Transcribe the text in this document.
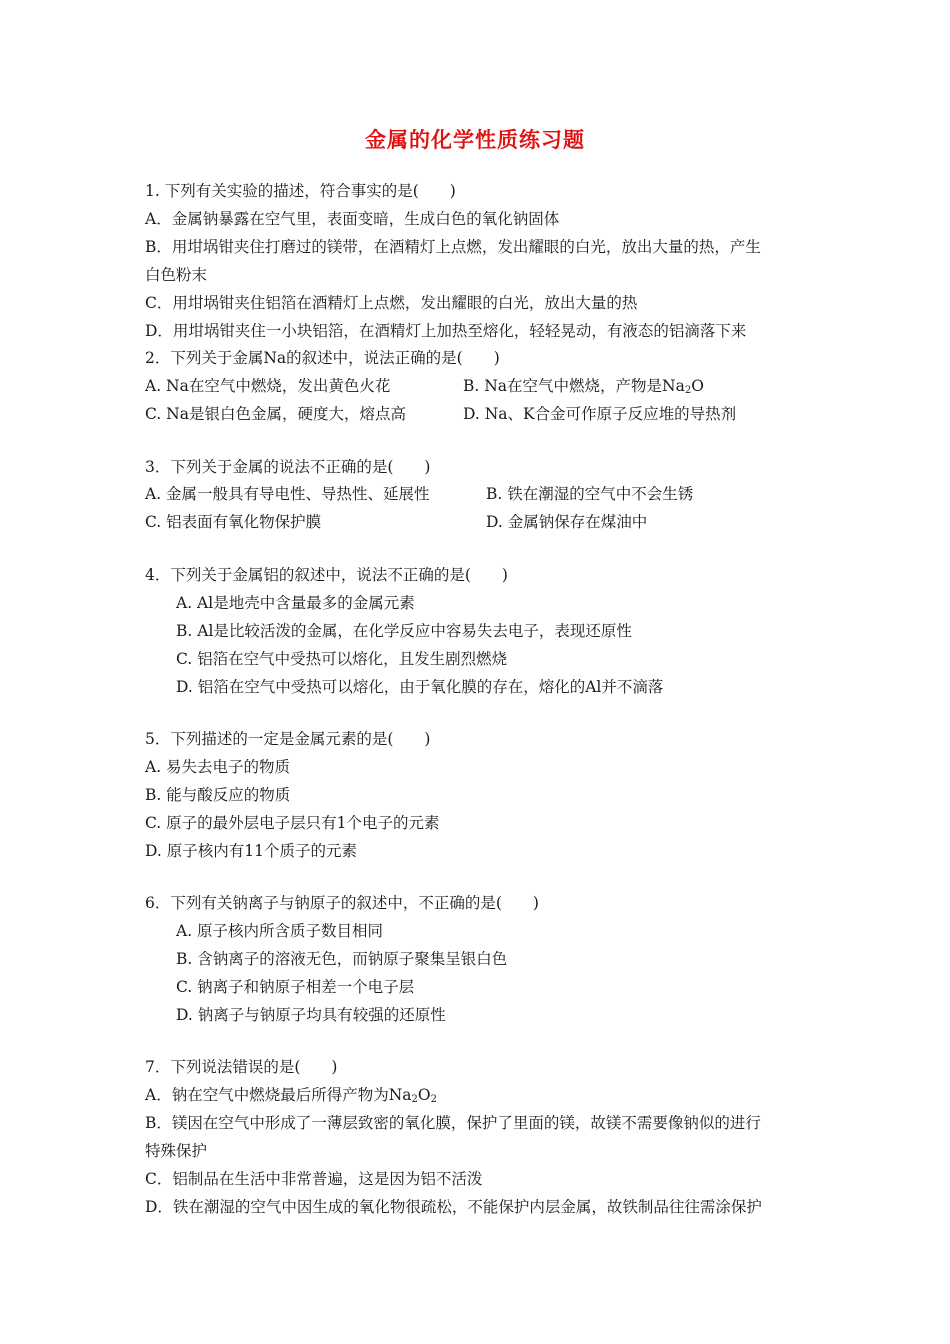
金属的化学性质练习题
1. 下列有关实验的描述，符合事实的是(　　)
A．金属钠暴露在空气里，表面变暗，生成白色的氧化钠固体
B．用坩埚钳夹住打磨过的镁带，在酒精灯上点燃，发出耀眼的白光，放出大量的热，产生
白色粉末
C．用坩埚钳夹住铝箔在酒精灯上点燃，发出耀眼的白光，放出大量的热
D．用坩埚钳夹住一小块铝箔，在酒精灯上加热至熔化，轻轻晃动，有液态的铝滴落下来
2．下列关于金属Na的叙述中，说法正确的是(　　)
A. Na在空气中燃烧，发出黄色火花	B. Na在空气中燃烧，产物是$Na_2O$
C. Na是银白色金属，硬度大，熔点高	D. Na、K合金可作原子反应堆的导热剂
3．下列关于金属的说法不正确的是(　　)
A. 金属一般具有导电性、导热性、延展性	B. 铁在潮湿的空气中不会生锈
C. 铝表面有氧化物保护膜	D. 金属钠保存在煤油中
4．下列关于金属铝的叙述中，说法不正确的是(　　)
A. Al是地壳中含量最多的金属元素
B. Al是比较活泼的金属，在化学反应中容易失去电子，表现还原性
C. 铝箔在空气中受热可以熔化，且发生剧烈燃烧
D. 铝箔在空气中受热可以熔化，由于氧化膜的存在，熔化的Al并不滴落
5．下列描述的一定是金属元素的是(　　)
A. 易失去电子的物质
B. 能与酸反应的物质
C. 原子的最外层电子层只有1个电子的元素
D. 原子核内有11个质子的元素
6．下列有关钠离子与钠原子的叙述中，不正确的是(　　)
A. 原子核内所含质子数目相同
B. 含钠离子的溶液无色，而钠原子聚集呈银白色
C. 钠离子和钠原子相差一个电子层
D. 钠离子与钠原子均具有较强的还原性
7．下列说法错误的是(　　)
A．钠在空气中燃烧最后所得产物为$Na_2O_2$
B．镁因在空气中形成了一薄层致密的氧化膜，保护了里面的镁，故镁不需要像钠似的进行
特殊保护
C．铝制品在生活中非常普遍，这是因为铝不活泼
D．铁在潮湿的空气中因生成的氧化物很疏松，不能保护内层金属，故铁制品往往需涂保护
